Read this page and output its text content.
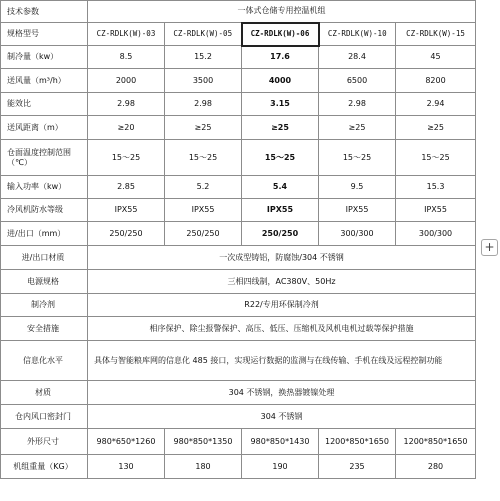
技术参数	一体式仓储专用控温机组				
规格型号	CZ-RDLK(W)-03	CZ-RDLK(W)-05	CZ-RDLK(W)-06	CZ-RDLK(W)-10	CZ-RDLK(W)-15
制冷量（kw）	8.5	15.2	17.6	28.4	45
送风量（m³/h）	2000	3500	4000	6500	8200
能效比	2.98	2.98	3.15	2.98	2.94
送风距离（m）	≥20	≥25	≥25	≥25	≥25
仓面温度控制范围（℃）	15～25	15～25	15～25	15～25	15～25
输入功率（kw）	2.85	5.2	5.4	9.5	15.3
冷风机防水等级	IPX55	IPX55	IPX55	IPX55	IPX55
进/出口（mm）	250/250	250/250	250/250	300/300	300/300
进/出口材质	一次成型铸铝，防腐蚀/304 不锈钢				
电源规格	三相四线制，AC380V、50Hz				
制冷剂	R22/专用环保制冷剂				
安全措施	相序保护、除尘报警保护、高压、低压、压缩机及风机电机过载等保护措施				
信息化水平	具体与智能粮库网的信息化 485 接口，实现运行数据的监测与在线传输、手机在线及远程控制功能				
材质	304 不锈钢，换热器镀镍处理				
仓内风口密封门	304 不锈钢				
外形尺寸	980*650*1260	980*850*1350	980*850*1430	1200*850*1650	1200*850*1650
机组重量（KG）	130	180	190	235	280
+
